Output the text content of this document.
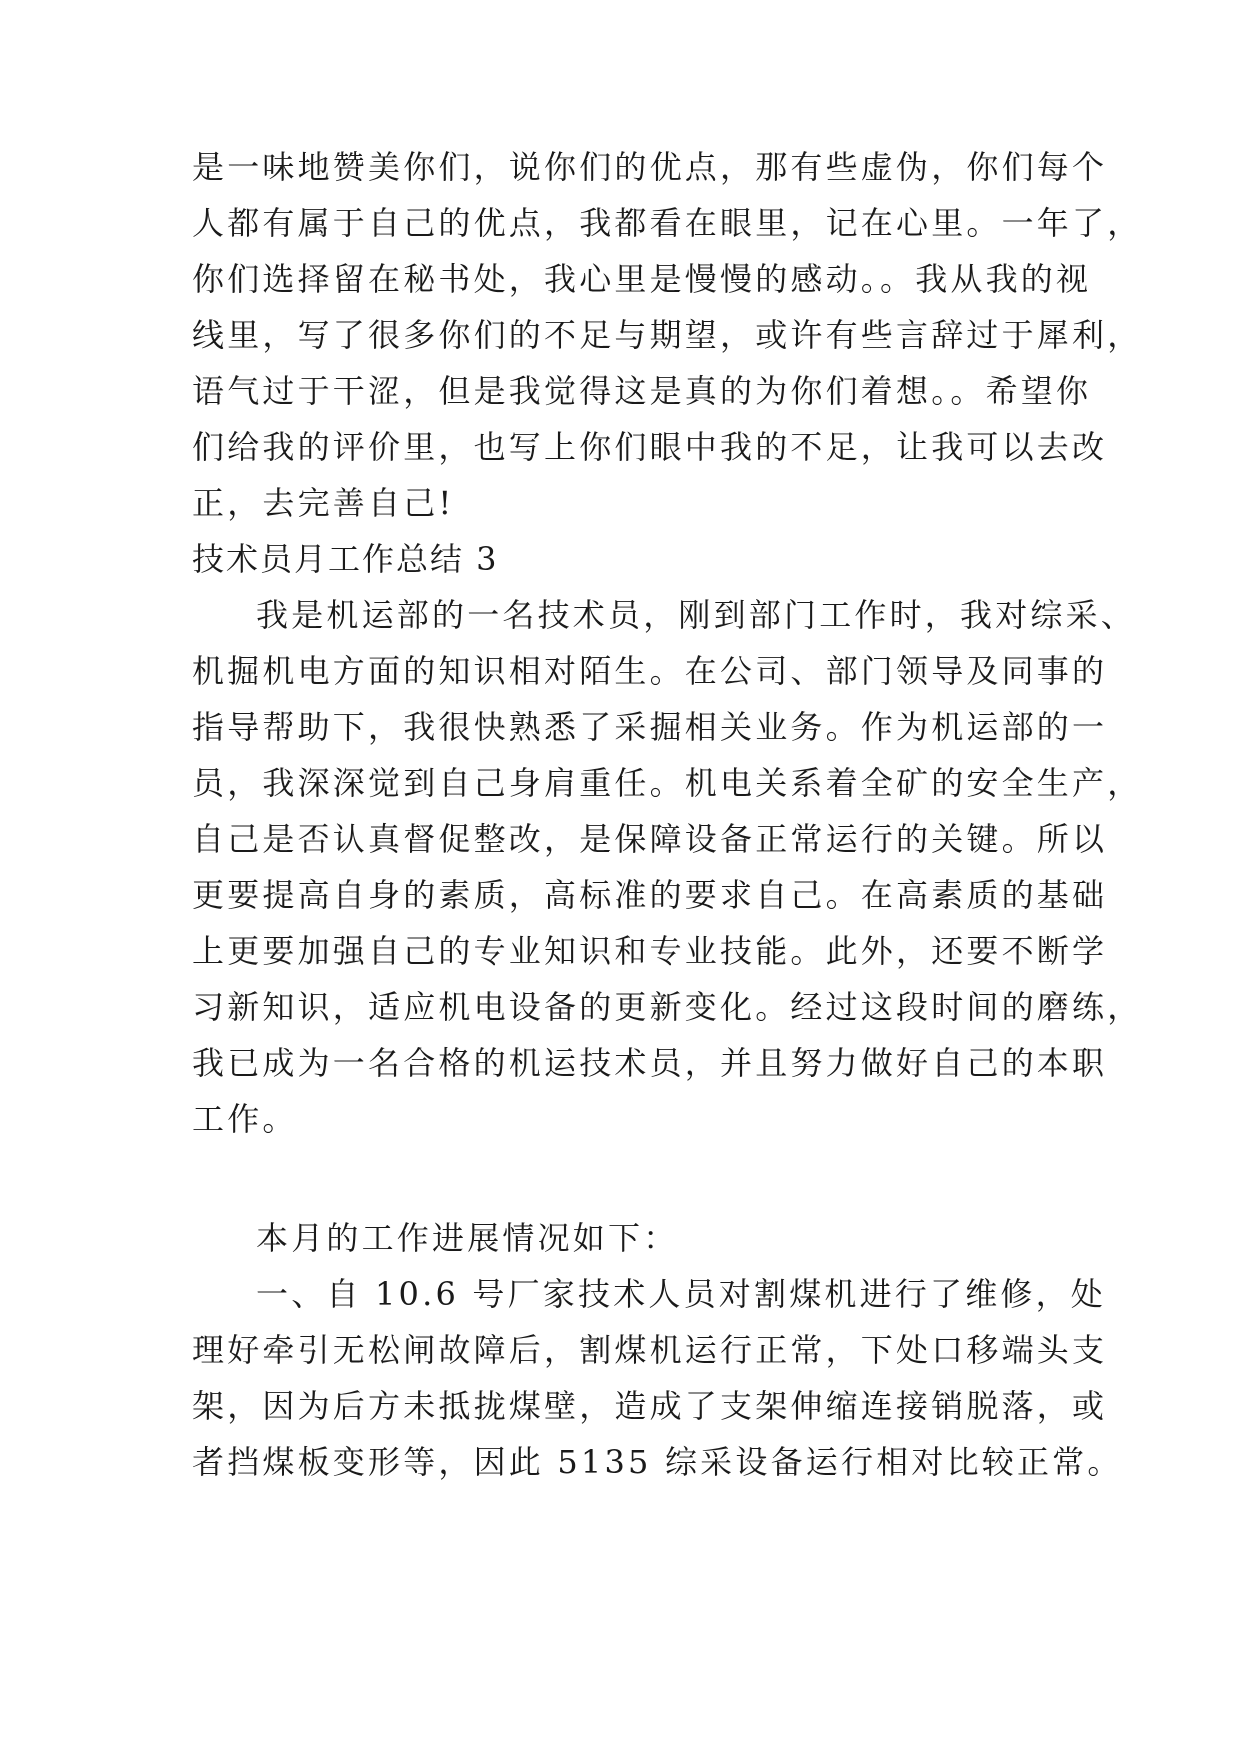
是一味地赞美你们，说你们的优点，那有些虚伪，你们每个
人都有属于自己的优点，我都看在眼里，记在心里。一年了，
你们选择留在秘书处，我心里是慢慢的感动。。我从我的视
线里，写了很多你们的不足与期望，或许有些言辞过于犀利，
语气过于干涩，但是我觉得这是真的为你们着想。。希望你
们给我的评价里，也写上你们眼中我的不足，让我可以去改
正，去完善自己!
技术员月工作总结 3
我是机运部的一名技术员，刚到部门工作时，我对综采、
机掘机电方面的知识相对陌生。在公司、部门领导及同事的
指导帮助下，我很快熟悉了采掘相关业务。作为机运部的一
员，我深深觉到自己身肩重任。机电关系着全矿的安全生产，
自己是否认真督促整改，是保障设备正常运行的关键。所以
更要提高自身的素质，高标准的要求自己。在高素质的基础
上更要加强自己的专业知识和专业技能。此外，还要不断学
习新知识，适应机电设备的更新变化。经过这段时间的磨练，
我已成为一名合格的机运技术员，并且努力做好自己的本职
工作。
本月的工作进展情况如下：
一、自 10.6 号厂家技术人员对割煤机进行了维修，处
理好牵引无松闸故障后，割煤机运行正常，下处口移端头支
架，因为后方未抵拢煤壁，造成了支架伸缩连接销脱落，或
者挡煤板变形等，因此 5135 综采设备运行相对比较正常。
